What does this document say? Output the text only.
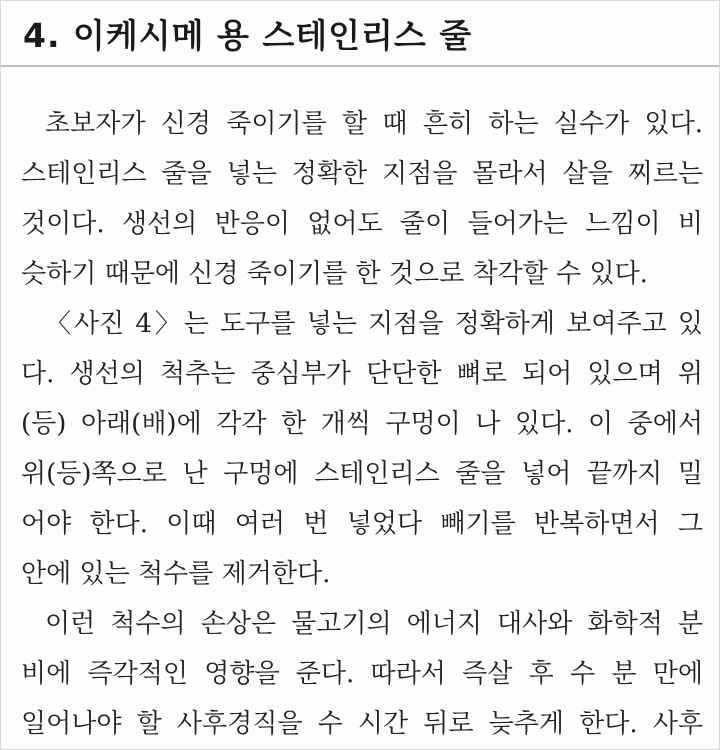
4. 이케시메 용 스테인리스 줄
초보자가 신경 죽이기를 할 때 흔히 하는 실수가 있다.
스테인리스 줄을 넣는 정확한 지점을 몰라서 살을 찌르는
것이다. 생선의 반응이 없어도 줄이 들어가는 느낌이 비
슷하기 때문에 신경 죽이기를 한 것으로 착각할 수 있다.
〈사진 4〉는 도구를 넣는 지점을 정확하게 보여주고 있
다. 생선의 척추는 중심부가 단단한 뼈로 되어 있으며 위
(등) 아래(배)에 각각 한 개씩 구멍이 나 있다. 이 중에서
위(등)쪽으로 난 구멍에 스테인리스 줄을 넣어 끝까지 밀
어야 한다. 이때 여러 번 넣었다 빼기를 반복하면서 그
안에 있는 척수를 제거한다.
이런 척수의 손상은 물고기의 에너지 대사와 화학적 분
비에 즉각적인 영향을 준다. 따라서 즉살 후 수 분 만에
일어나야 할 사후경직을 수 시간 뒤로 늦추게 한다. 사후
